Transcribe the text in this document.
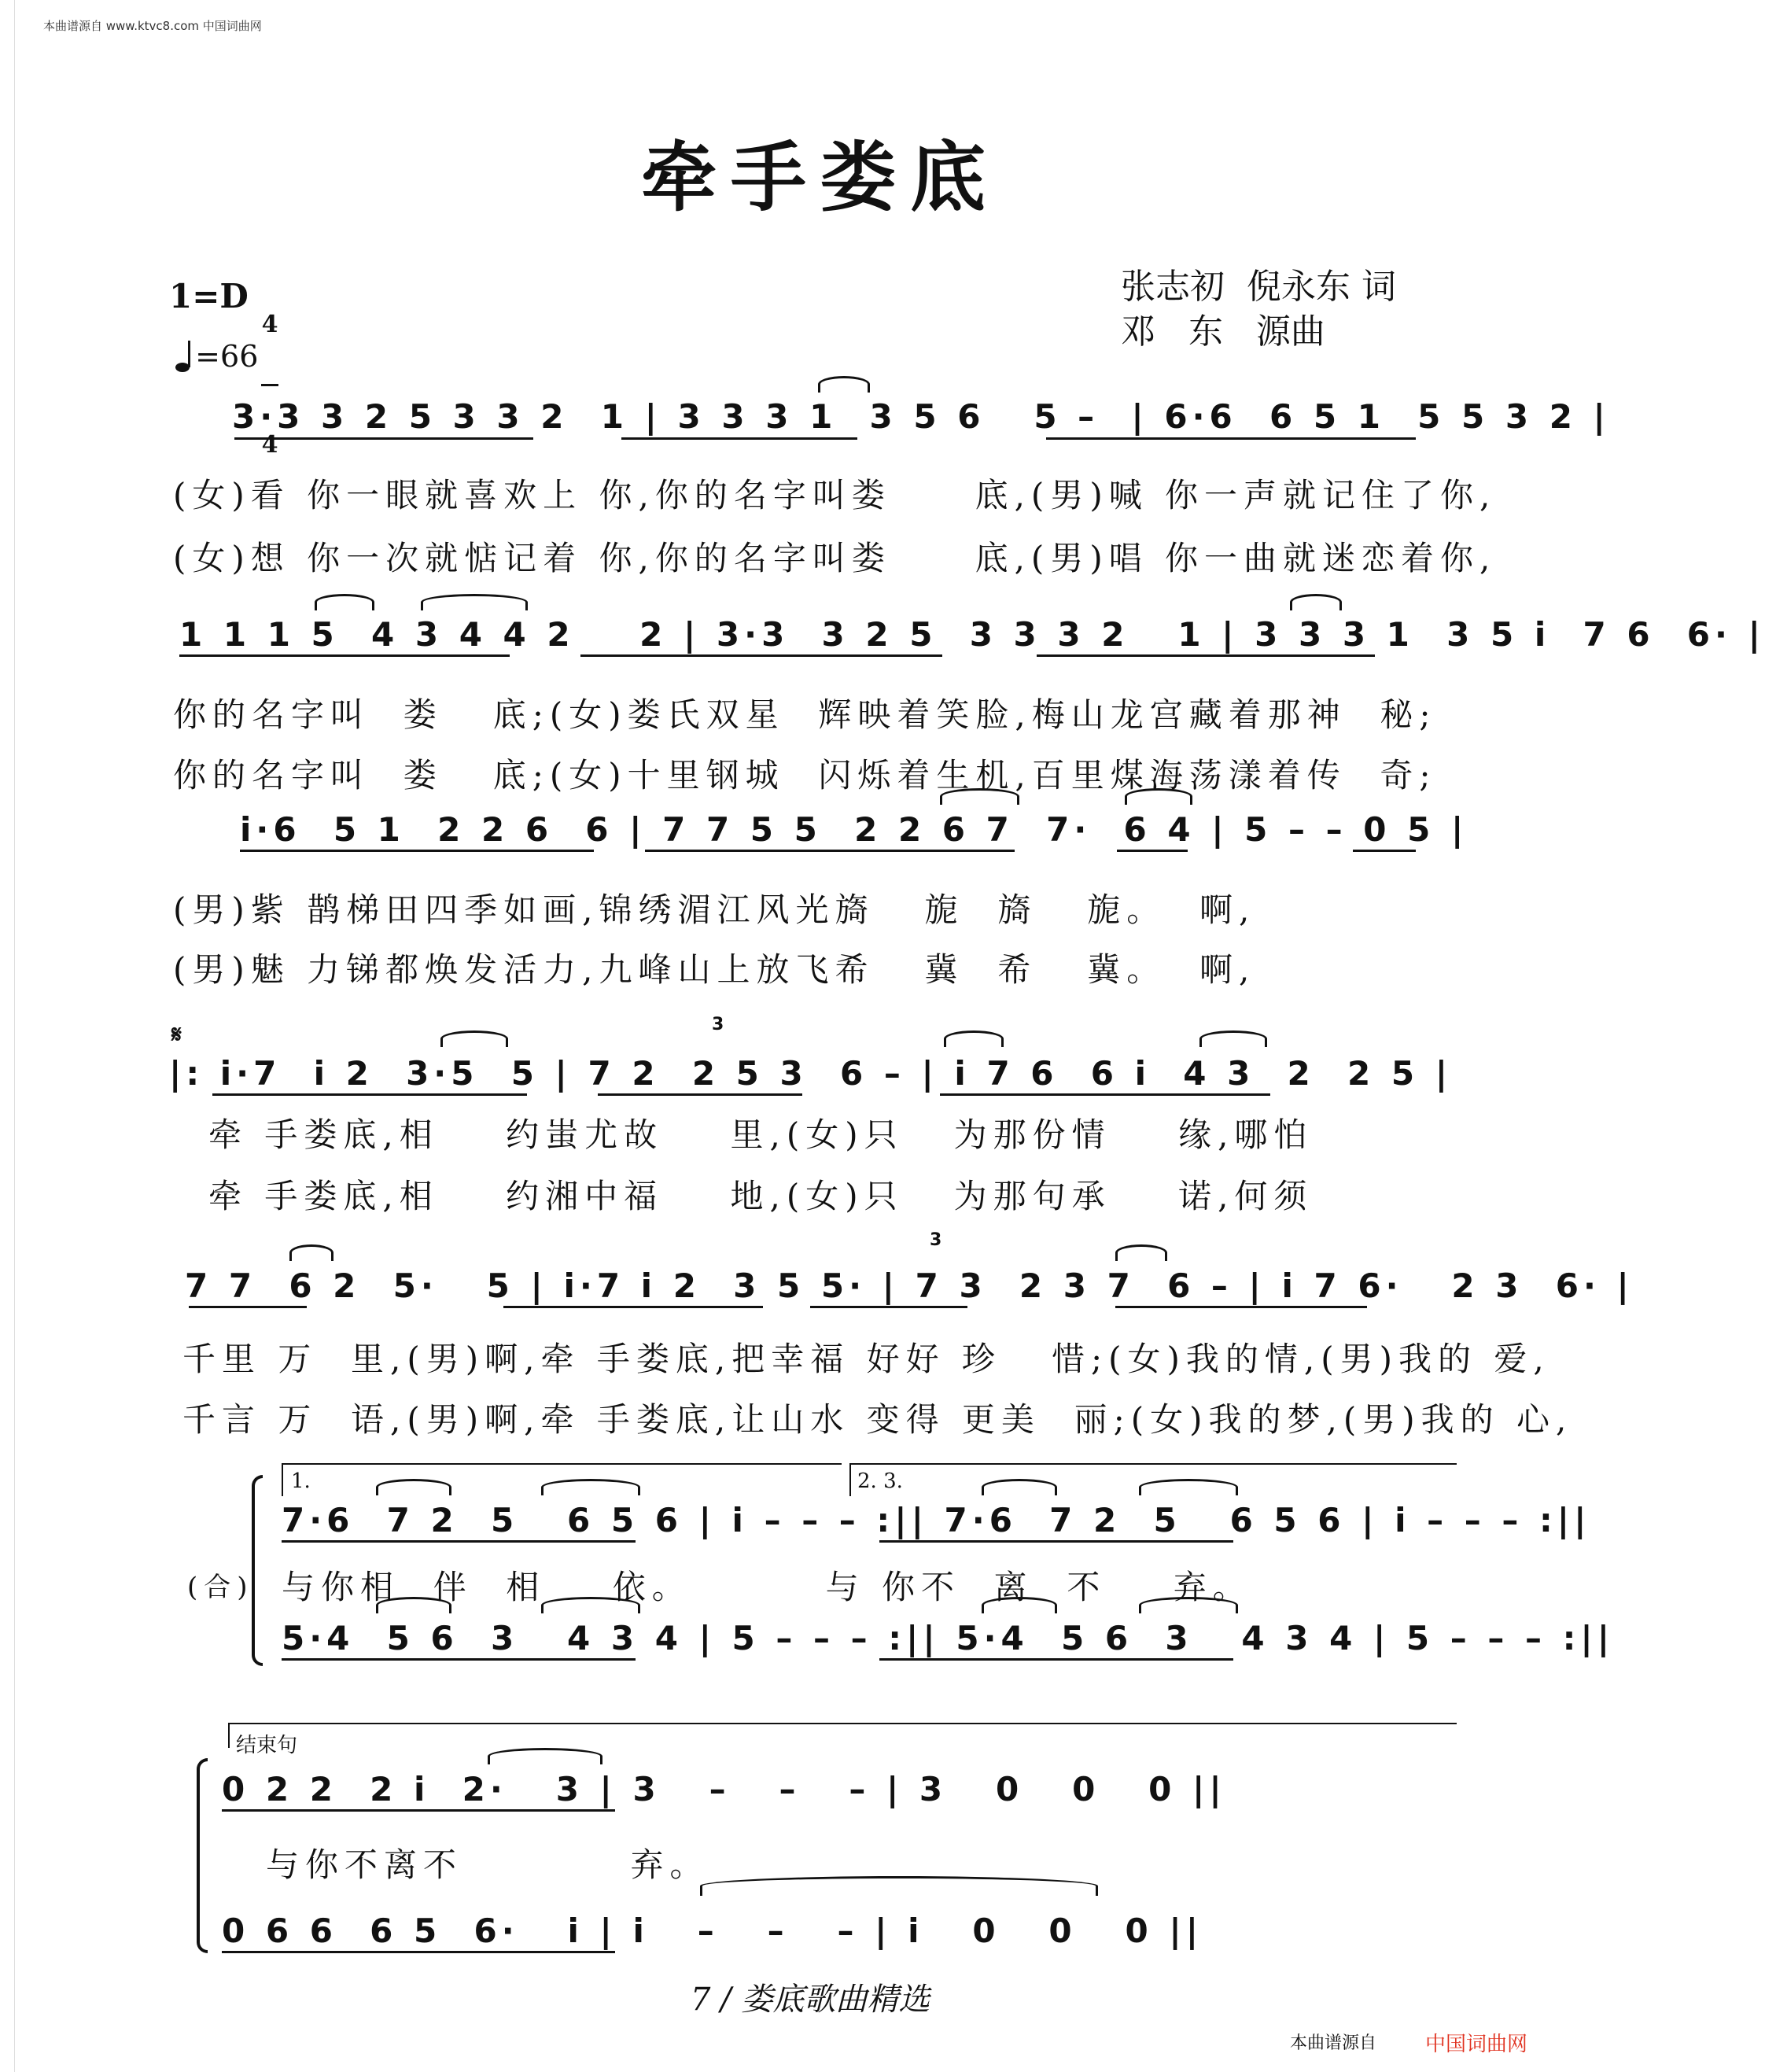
本曲谱源自 www.ktvc8.com 中国词曲网
牵手娄底
1=D

4

4

=66

张志初  倪永东 词
邓   东   源曲
3·3 3 2 5 3 3 2  1 | 3 3 3 1  3 5 6   5 –  | 6·6  6 5 1  5 5 3 2 |
(女)看 你一眼就喜欢上 你,你的名字叫娄     底,(男)喊 你一声就记住了你,
(女)想 你一次就惦记着 你,你的名字叫娄     底,(男)唱 你一曲就迷恋着你,
1 1 1 5  4 3 4 4 2    2 | 3·3  3 2 5  3 3 3 2   1 | 3 3 3 1  3 5 i  7 6  6· |
你的名字叫  娄   底;(女)娄氏双星  辉映着笑脸,梅山龙宫藏着那神  秘;
你的名字叫  娄   底;(女)十里钢城  闪烁着生机,百里煤海荡漾着传  奇;
i·6  5 1  2 2 6  6 | 7 7 5 5  2 2 6 7  7·  6 4 | 5 – – 0 5 |
(男)紫 鹊梯田四季如画,锦绣湄江风光旖   旎  旖   旎。  啊,
(男)魅 力锑都焕发活力,九峰山上放飞希   冀  希   冀。  啊,
𝄋
|: i·7  i 2  3·5  5 | 7 2  2 5 3  6 – | i 7 6  6 i  4 3  2  2 5 |
3
牵 手娄底,相    约蚩尤故    里,(女)只   为那份情    缘,哪怕
牵 手娄底,相    约湘中福    地,(女)只   为那句承    诺,何须
7 7  6 2  5·   5 | i·7 i 2  3 5 5· | 7 3  2 3 7  6 – | i 7 6·   2 3  6· |
3
千里 万  里,(男)啊,牵 手娄底,把幸福 好好 珍   惜;(女)我的情,(男)我的 爱,
千言 万  语,(男)啊,牵 手娄底,让山水 变得 更美  丽;(女)我的梦,(男)我的 心,
1.	2. 3.
(合)
7·6  7 2  5   6 5 6 | i – – – :|| 7·6  7 2  5   6 5 6 | i – – – :||
与你相  伴  相    依。        与 你不  离  不    弃。
5·4  5 6  3   4 3 4 | 5 – – – :|| 5·4  5 6  3   4 3 4 | 5 – – – :||
结束句
0 2 2  2 i  2·   3 | 3   –   –   – | 3   0   0   0 ||
与你不离不          弃。
0 6 6  6 5  6·   i | i   –   –   – | i   0   0   0 ||
7 / 娄底歌曲精选
本曲谱源自 中国词曲网
